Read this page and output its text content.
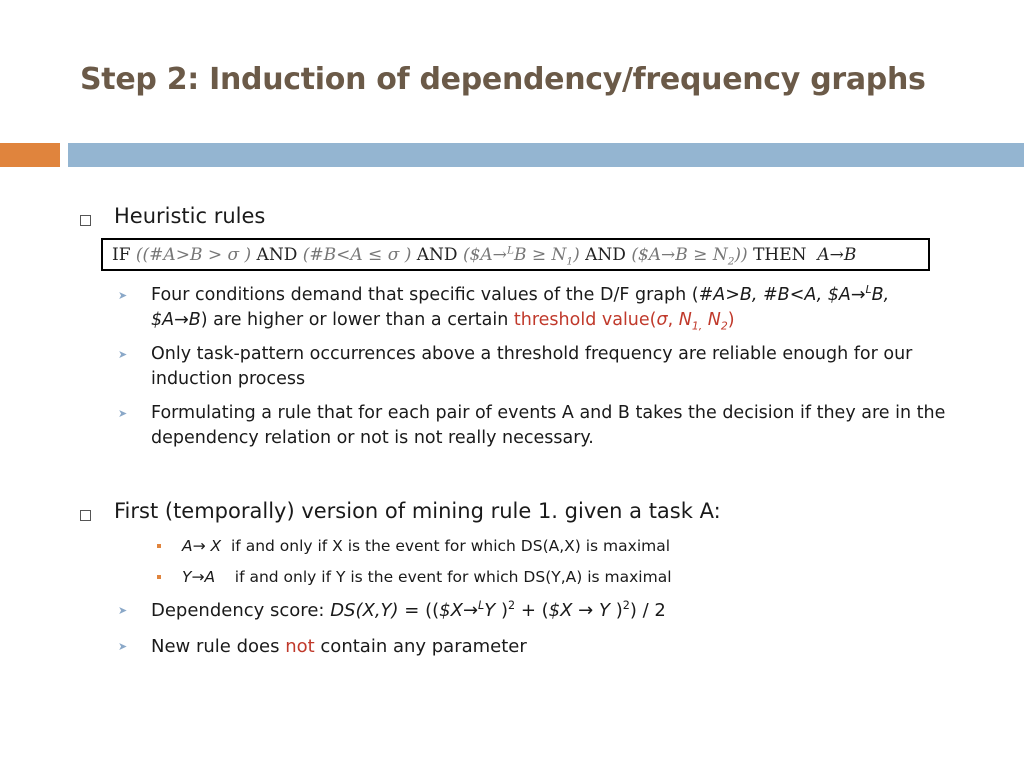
Step 2: Induction of dependency/frequency graphs
Heuristic rules
IF
((#A>B > σ )
AND
(#B<A ≤ σ )
AND
($A→$^L$B ≥ $N_1$)
AND
($A→B ≥ $N_2$))
THEN
A→B
➤ Four conditions demand that specific values of the D/F graph (#A>B, #B<A, $A→$^L$B,
$A→B) are higher or lower than a certain threshold value(σ, $N_{1,}$ $N_2$)
➤ Only task-pattern occurrences above a threshold frequency are reliable enough for our induction process
➤ Formulating a rule that for each pair of events A and B takes the decision if they are in the dependency relation or not is not really necessary.
First (temporally) version of mining rule 1. given a task A:
A→ X if and only if X is the event for which DS(A,X) is maximal
Y→A if and only if Y is the event for which DS(Y,A) is maximal
➤ Dependency score: DS(X,Y) = (($X→$^L$Y )$^2$ + ($X → Y )$^2$) / 2
➤ New rule does not contain any parameter
